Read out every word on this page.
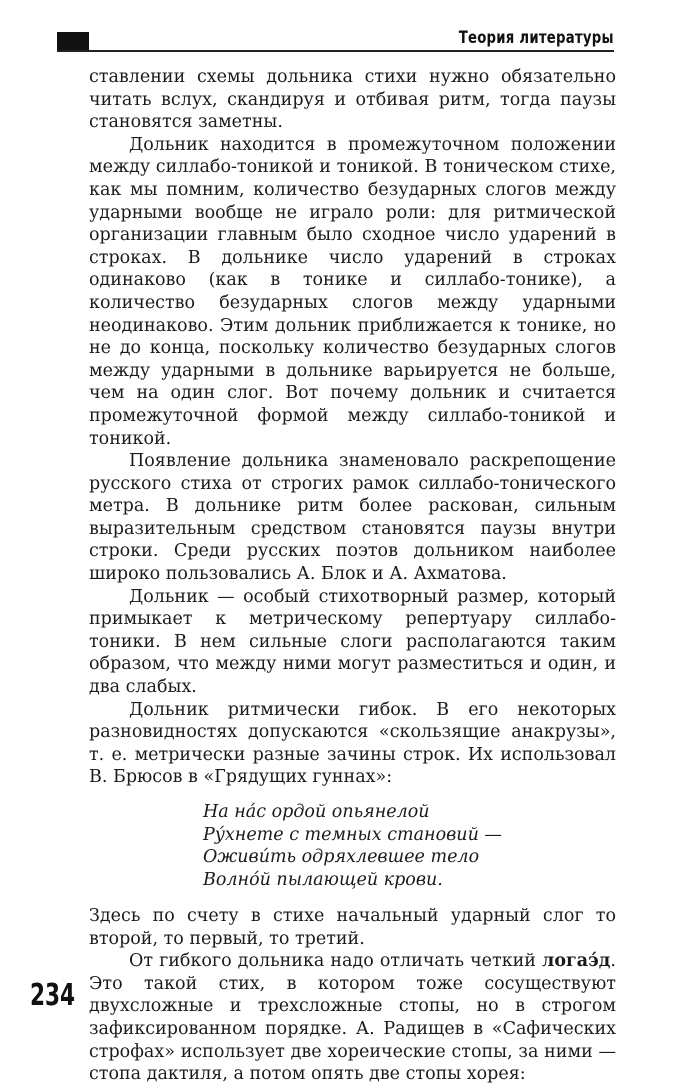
Теория литературы

ставлении схемы дольника стихи нужно обязательно читать вслух, скандируя и отбивая ритм, тогда паузы становятся заметны.

Дольник находится в промежуточном положении между силлабо-тоникой и тоникой. В тоническом стихе, как мы помним, количество безударных слогов между ударными вообще не играло роли: для ритмической организации главным было сходное число ударений в строках. В дольнике число ударений в строках одинаково (как в тонике и силлабо-тонике), а количество безударных слогов между ударными неодинаково. Этим дольник приближается к тонике, но не до конца, поскольку количество безударных слогов между ударными в дольнике варьируется не больше, чем на один слог. Вот почему дольник и считается промежуточной формой между силлабо-тоникой и тоникой.

Появление дольника знаменовало раскрепощение русского стиха от строгих рамок силлабо-тонического метра. В дольнике ритм более раскован, сильным выразительным средством становятся паузы внутри строки. Среди русских поэтов дольником наиболее широко пользовались А. Блок и А. Ахматова.

Дольник — особый стихотворный размер, который примыкает к метрическому репертуару силлабо-тоники. В нем сильные слоги располагаются таким образом, что между ними могут разместиться и один, и два слабых.

Дольник ритмически гибок. В его некоторых разновидностях допускаются «скользящие анакрузы», т. е. метрически разные зачины строк. Их использовал В. Брюсов в «Грядущих гуннах»:

На на́с ордой опьянелой
Ру́хнете с темных становий —
Оживи́ть одряхлевшее тело
Волно́й пылающей крови.

Здесь по счету в стихе начальный ударный слог то второй, то первый, то третий.

От гибкого дольника надо отличать четкий логаэ́д. Это такой стих, в котором тоже сосуществуют двухсложные и трехсложные стопы, но в строгом зафиксированном порядке. А. Радищев в «Сафических строфах» использует две хореические стопы, за ними — стопа дактиля, а потом опять две стопы хорея:

234
